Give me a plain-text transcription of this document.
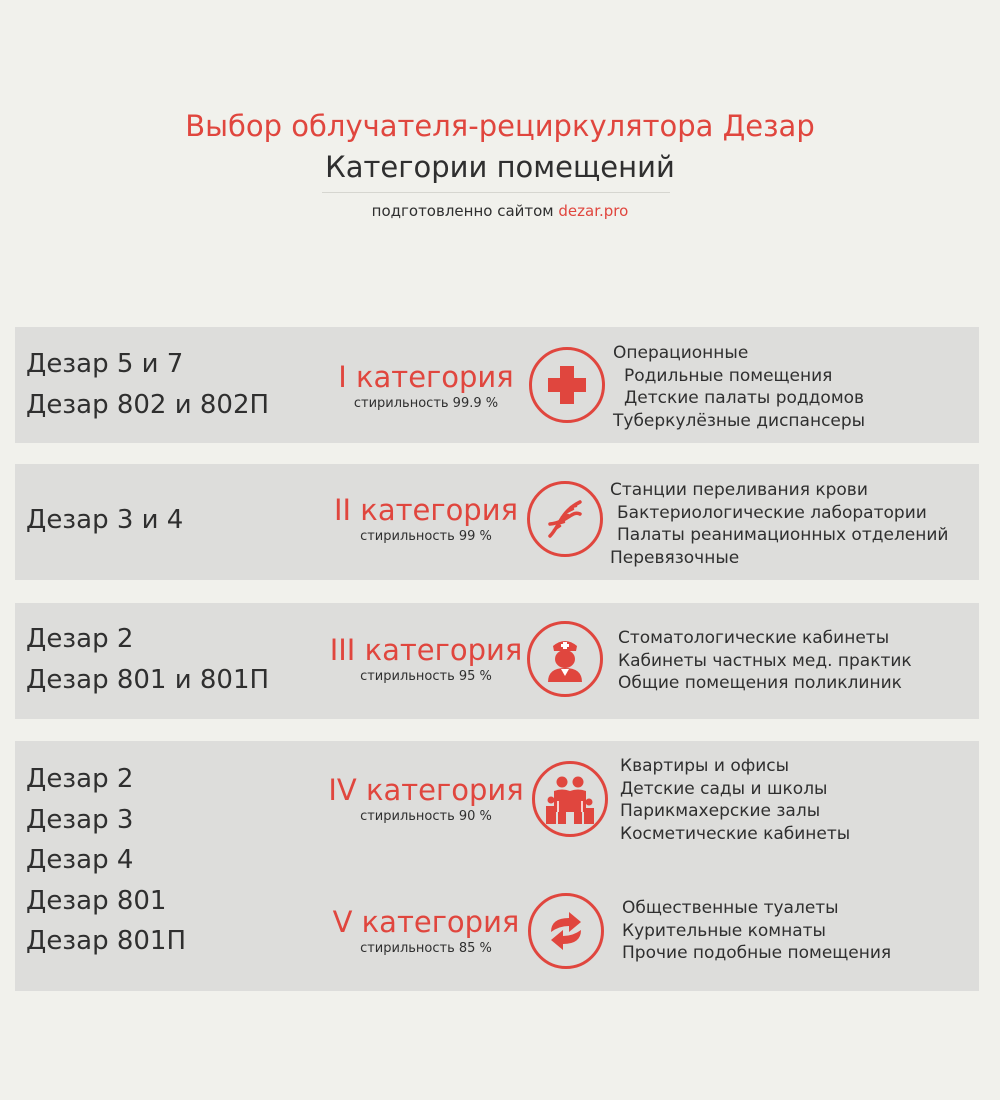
Выбор облучателя-рециркулятора Дезар
Категории помещений
подготовленно сайтом dezar.pro
Дезар 5 и 7
Дезар 802 и 802П
I категория
стирильность 99.9 %
Операционные
Родильные помещения
Детские палаты роддомов
Туберкулёзные диспансеры
Дезар 3 и 4	II категория
стирильность 99 %
Станции переливания крови
Бактериологические лаборатории
Палаты реанимационных отделений
Перевязочные
Дезар 2
Дезар 801 и 801П
III категория
стирильность 95 %
Стоматологические кабинеты
Кабинеты частных мед. практик
Общие помещения поликлиник
Дезар 2
Дезар 3
Дезар 4
Дезар 801
Дезар 801П
IV категория
стирильность 90 %
Квартиры и офисы
Детские сады и школы
Парикмахерские залы
Косметические кабинеты
V категория
стирильность 85 %
Общественные туалеты
Курительные комнаты
Прочие подобные помещения
